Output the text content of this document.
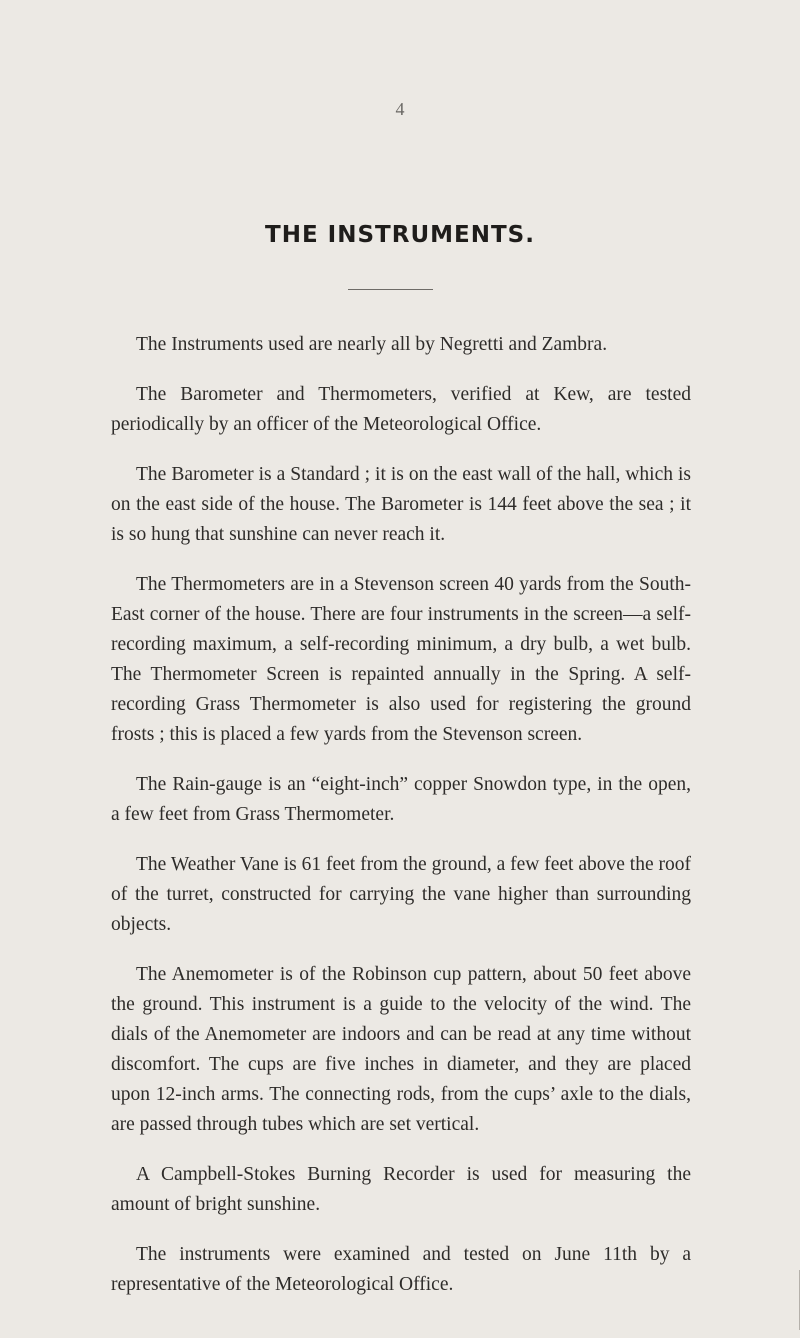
4
THE INSTRUMENTS.

The Instruments used are nearly all by Negretti and Zambra.

The Barometer and Thermometers, verified at Kew, are tested periodically by an officer of the Meteorological Office.

The Barometer is a Standard ; it is on the east wall of the hall, which is on the east side of the house. The Barometer is 144 feet above the sea ; it is so hung that sunshine can never reach it.

The Thermometers are in a Stevenson screen 40 yards from the South-East corner of the house. There are four instruments in the screen—a self-recording maximum, a self-recording minimum, a dry bulb, a wet bulb. The Thermometer Screen is repainted annually in the Spring. A self-recording Grass Thermometer is also used for registering the ground frosts ; this is placed a few yards from the Stevenson screen.

The Rain-gauge is an “eight-inch” copper Snowdon type, in the open, a few feet from Grass Thermometer.

The Weather Vane is 61 feet from the ground, a few feet above the roof of the turret, constructed for carrying the vane higher than surrounding objects.

The Anemometer is of the Robinson cup pattern, about 50 feet above the ground. This instrument is a guide to the velocity of the wind. The dials of the Anemometer are indoors and can be read at any time without discomfort. The cups are five inches in diameter, and they are placed upon 12-inch arms. The connecting rods, from the cups’ axle to the dials, are passed through tubes which are set vertical.

A Campbell-Stokes Burning Recorder is used for measuring the amount of bright sunshine.

The instruments were examined and tested on June 11th by a representative of the Meteorological Office.
